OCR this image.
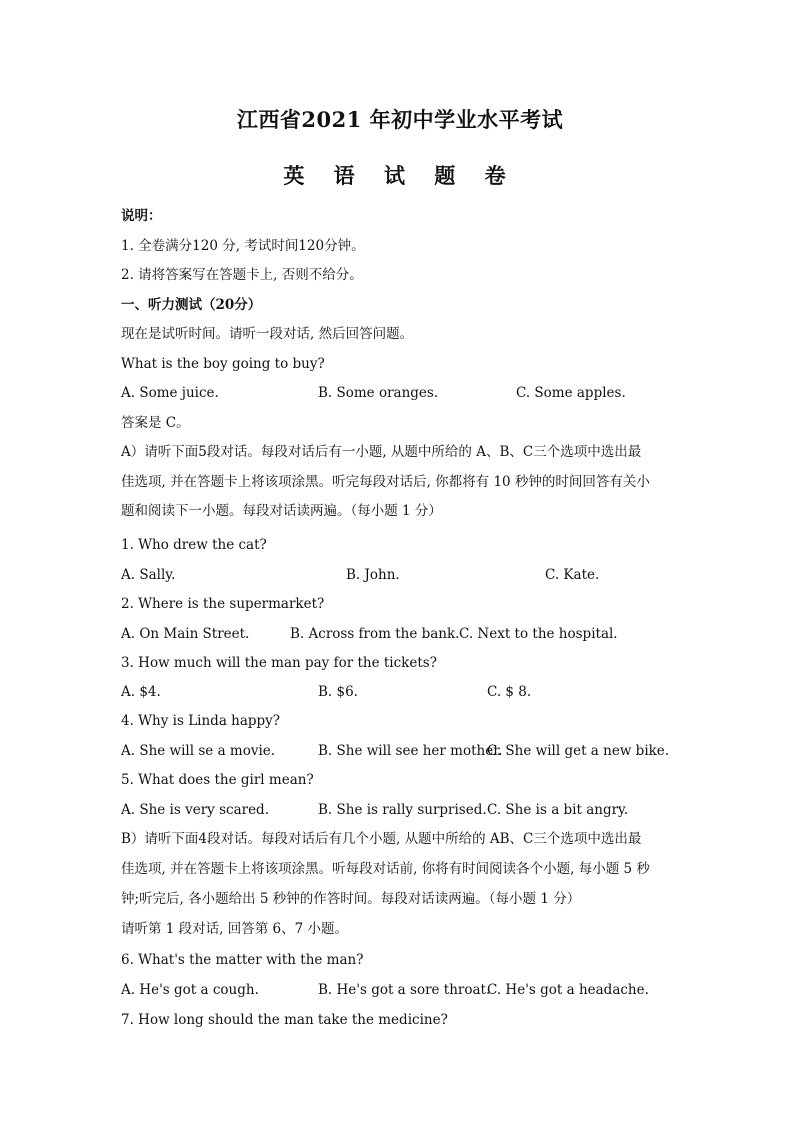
江西省2021 年初中学业水平考试
英 语 试 题 卷
说明：
1. 全卷满分120 分, 考试时间120分钟。
2. 请将答案写在答题卡上, 否则不给分。
一、听力测试（20分）
现在是试听时间。请听一段对话, 然后回答问题。
What is the boy going to buy?
A. Some juice.	B. Some oranges.	C. Some apples.
答案是 C。
A）请听下面5段对话。每段对话后有一小题, 从题中所给的 A、B、C三个选项中选出最
佳选项, 并在答题卡上将该项涂黑。听完每段对话后, 你都将有 10 秒钟的时间回答有关小
题和阅读下一小题。每段对话读两遍。（每小题 1 分）
1. Who drew the cat?
A. Sally.	B. John.	C. Kate.
2. Where is the supermarket?
A. On Main Street.	B. Across from the bank. C. Next to the hospital.
3. How much will the man pay for the tickets?
A. $4.	B. $6.	C. $ 8.
4. Why is Linda happy?
A. She will se a movie.	B. She will see her mother.
C. She will get a new bike.
5. What does the girl mean?
A. She is very scared.	B. She is rally surprised. C. She is a bit angry.
B）请听下面4段对话。每段对话后有几个小题, 从题中所给的 AB、C三个选项中选出最
佳选项, 并在答题卡上将该项涂黑。听每段对话前, 你将有时间阅读各个小题, 每小题 5 秒
钟;听完后, 各小题给出 5 秒钟的作答时间。每段对话读两遍。（每小题 1 分）
请听第 1 段对话, 回答第 6、7 小题。
6. What's the matter with the man?
A. He's got a cough.	B. He's got a sore throat.
C. He's got a headache.
7. How long should the man take the medicine?
